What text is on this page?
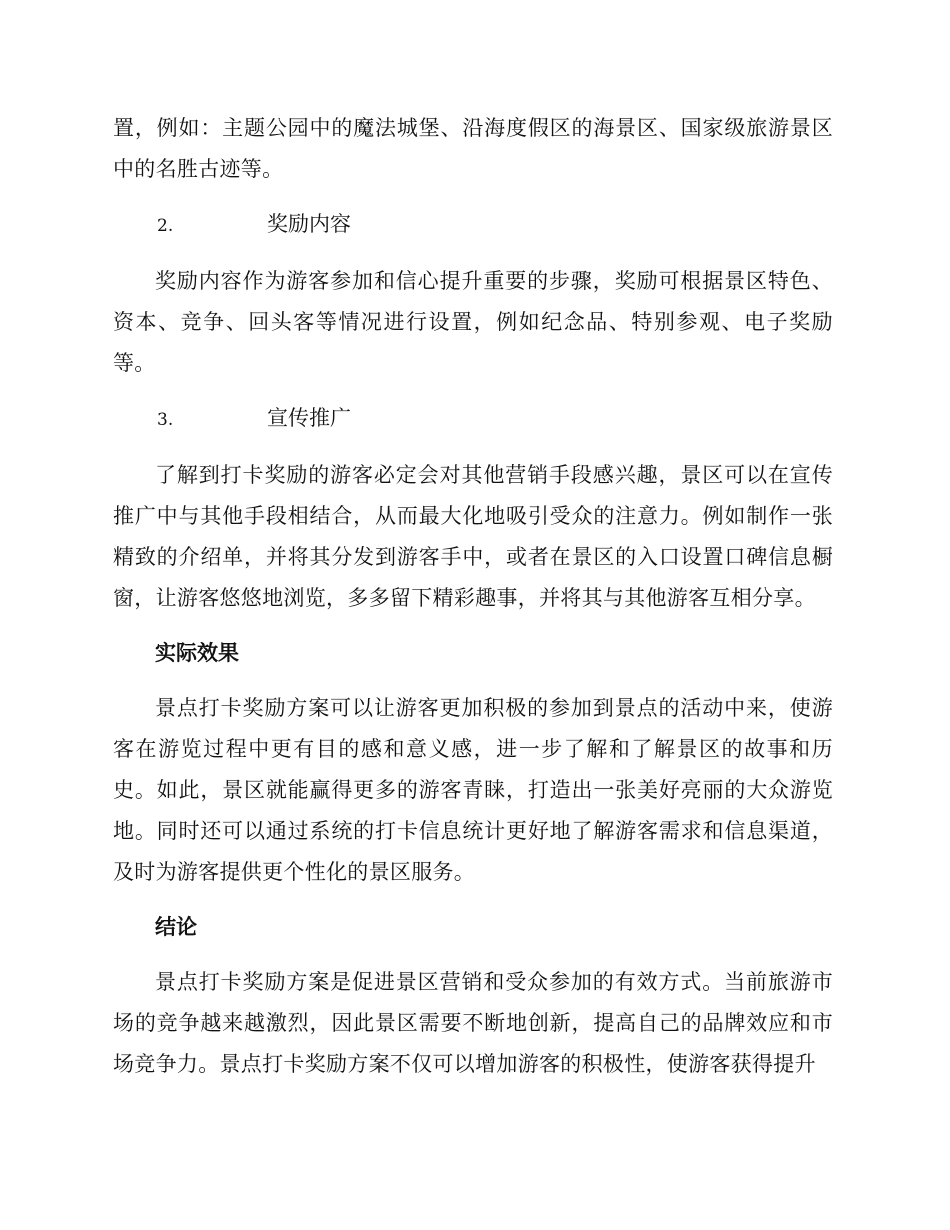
置，例如：主题公园中的魔法城堡、沿海度假区的海景区、国家级旅游景区中的名胜古迹等。

2.	奖励内容

奖励内容作为游客参加和信心提升重要的步骤，奖励可根据景区特色、资本、竞争、回头客等情况进行设置，例如纪念品、特别参观、电子奖励等。

3.	宣传推广

了解到打卡奖励的游客必定会对其他营销手段感兴趣，景区可以在宣传推广中与其他手段相结合，从而最大化地吸引受众的注意力。例如制作一张精致的介绍单，并将其分发到游客手中，或者在景区的入口设置口碑信息橱窗，让游客悠悠地浏览，多多留下精彩趣事，并将其与其他游客互相分享。

实际效果

景点打卡奖励方案可以让游客更加积极的参加到景点的活动中来，使游客在游览过程中更有目的感和意义感，进一步了解和了解景区的故事和历史。如此，景区就能赢得更多的游客青睐，打造出一张美好亮丽的大众游览地。同时还可以通过系统的打卡信息统计更好地了解游客需求和信息渠道，及时为游客提供更个性化的景区服务。

结论

景点打卡奖励方案是促进景区营销和受众参加的有效方式。当前旅游市场的竞争越来越激烈，因此景区需要不断地创新，提高自己的品牌效应和市场竞争力。景点打卡奖励方案不仅可以增加游客的积极性，使游客获得提升
